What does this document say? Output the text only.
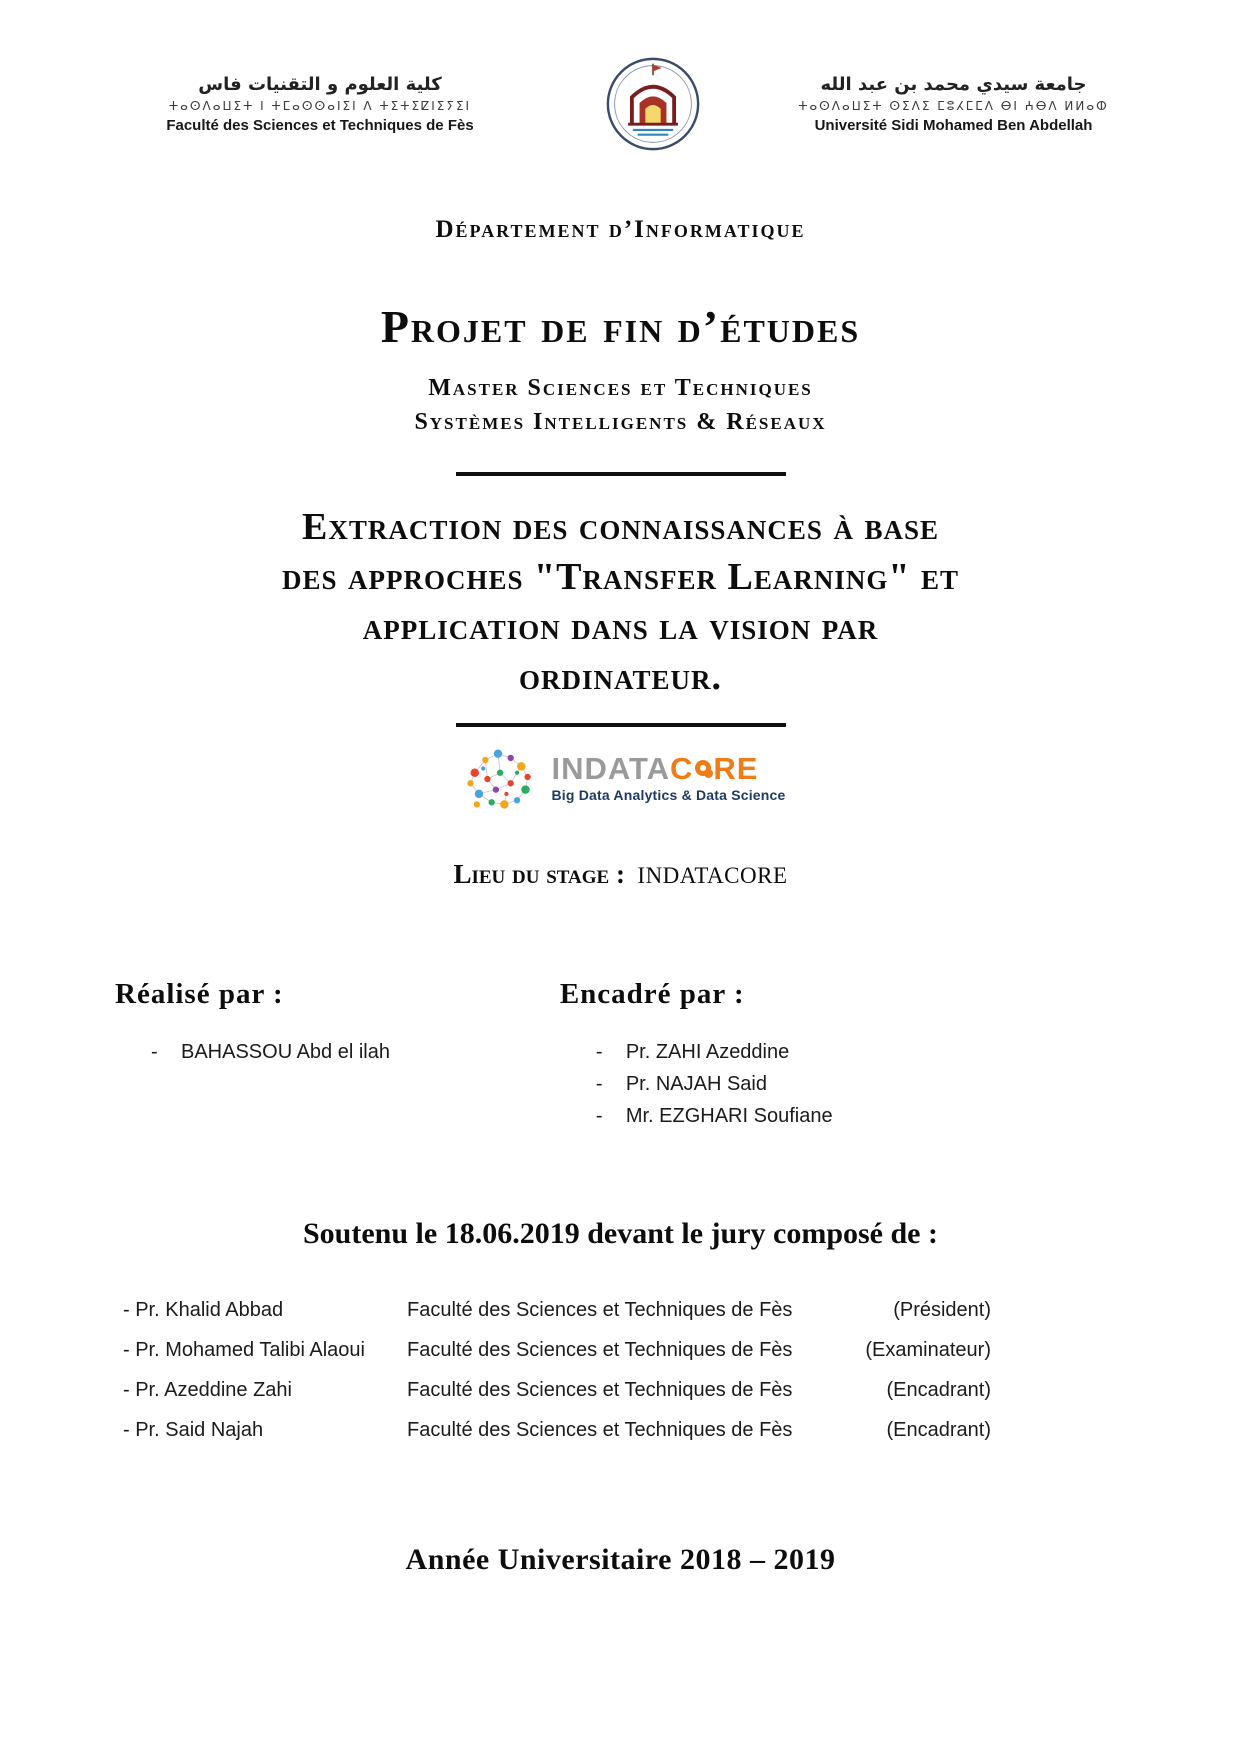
كلية العلوم و التقنيات فاس
ⵜⴰⵙⴷⴰⵡⵉⵜ ⵏ ⵜⵎⴰⵙⵙⴰⵏⵉⵏ ⴷ ⵜⵉⵜⵉⵇⵏⵉⵢⵉⵏ
Faculté des Sciences et Techniques de Fès
جامعة سيدي محمد بن عبد الله
ⵜⴰⵙⴷⴰⵡⵉⵜ ⵙⵉⴷⵉ ⵎⵓⵃⵎⵎⴷ ⴱⵏ ⵄⴱⴷ ⵍⵍⴰⵀ
Université Sidi Mohamed Ben Abdellah
Département d’Informatique
Projet de fin d’études
Master Sciences et Techniques
Systèmes Intelligents & Réseaux
Extraction des connaissances à base
des approches "Transfer Learning" et
application dans la vision par
ordinateur.
INDATA C RE
Big Data Analytics & Data Science
Lieu du stage : INDATACORE
Réalisé par :
-	BAHASSOU Abd el ilah
Encadré par :
-	Pr. ZAHI Azeddine
-	Pr. NAJAH Said
-	Mr. EZGHARI Soufiane
Soutenu le 18.06.2019 devant le jury composé de :
- Pr. Khalid Abbad	Faculté des Sciences et Techniques de Fès	(Président)
- Pr. Mohamed Talibi Alaoui	Faculté des Sciences et Techniques de Fès	(Examinateur)
- Pr. Azeddine Zahi	Faculté des Sciences et Techniques de Fès	(Encadrant)
- Pr. Said Najah	Faculté des Sciences et Techniques de Fès	(Encadrant)
Année Universitaire 2018 – 2019
